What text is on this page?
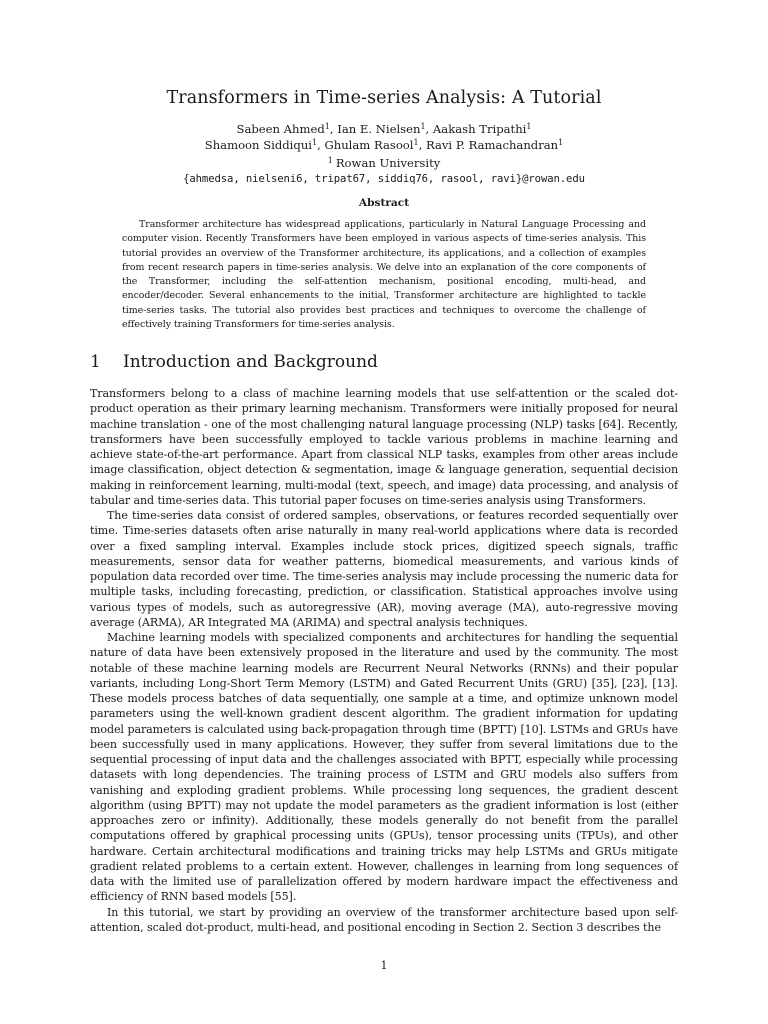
Transformers in Time-series Analysis: A Tutorial
Sabeen Ahmed$^1$, Ian E. Nielsen$^1$, Aakash Tripathi$^1$
Shamoon Siddiqui$^1$, Ghulam Rasool$^1$, Ravi P. Ramachandran$^1$
$^1$ Rowan University
{ahmedsa, nielseni6, tripat67, siddiq76, rasool, ravi}@rowan.edu
Abstract
Transformer architecture has widespread applications, particularly in Natural Language Processing and computer vision. Recently Transformers have been employed in various aspects of time-series analysis. This tutorial provides an overview of the Transformer architecture, its applications, and a collection of examples from recent research papers in time-series analysis. We delve into an explanation of the core components of the Transformer, including the self-attention mechanism, positional encoding, multi-head, and encoder/decoder. Several enhancements to the initial, Transformer architecture are highlighted to tackle time-series tasks. The tutorial also provides best practices and techniques to overcome the challenge of effectively training Transformers for time-series analysis.
1 Introduction and Background

Transformers belong to a class of machine learning models that use self-attention or the scaled dot-product operation as their primary learning mechanism. Transformers were initially proposed for neural machine translation - one of the most challenging natural language processing (NLP) tasks [64]. Recently, transformers have been successfully employed to tackle various problems in machine learning and achieve state-of-the-art performance. Apart from classical NLP tasks, examples from other areas include image classification, object detection & segmentation, image & language generation, sequential decision making in reinforcement learning, multi-modal (text, speech, and image) data processing, and analysis of tabular and time-series data. This tutorial paper focuses on time-series analysis using Transformers.

The time-series data consist of ordered samples, observations, or features recorded sequentially over time. Time-series datasets often arise naturally in many real-world applications where data is recorded over a fixed sampling interval. Examples include stock prices, digitized speech signals, traffic measurements, sensor data for weather patterns, biomedical measurements, and various kinds of population data recorded over time. The time-series analysis may include processing the numeric data for multiple tasks, including forecasting, prediction, or classification. Statistical approaches involve using various types of models, such as autoregressive (AR), moving average (MA), auto-regressive moving average (ARMA), AR Integrated MA (ARIMA) and spectral analysis techniques.

Machine learning models with specialized components and architectures for handling the sequential nature of data have been extensively proposed in the literature and used by the community. The most notable of these machine learning models are Recurrent Neural Networks (RNNs) and their popular variants, including Long-Short Term Memory (LSTM) and Gated Recurrent Units (GRU) [35], [23], [13]. These models process batches of data sequentially, one sample at a time, and optimize unknown model parameters using the well-known gradient descent algorithm. The gradient information for updating model parameters is calculated using back-propagation through time (BPTT) [10]. LSTMs and GRUs have been successfully used in many applications. However, they suffer from several limitations due to the sequential processing of input data and the challenges associated with BPTT, especially while processing datasets with long dependencies. The training process of LSTM and GRU models also suffers from vanishing and exploding gradient problems. While processing long sequences, the gradient descent algorithm (using BPTT) may not update the model parameters as the gradient information is lost (either approaches zero or infinity). Additionally, these models generally do not benefit from the parallel computations offered by graphical processing units (GPUs), tensor processing units (TPUs), and other hardware. Certain architectural modifications and training tricks may help LSTMs and GRUs mitigate gradient related problems to a certain extent. However, challenges in learning from long sequences of data with the limited use of parallelization offered by modern hardware impact the effectiveness and efficiency of RNN based models [55].

In this tutorial, we start by providing an overview of the transformer architecture based upon self-attention, scaled dot-product, multi-head, and positional encoding in Section 2. Section 3 describes the

1
